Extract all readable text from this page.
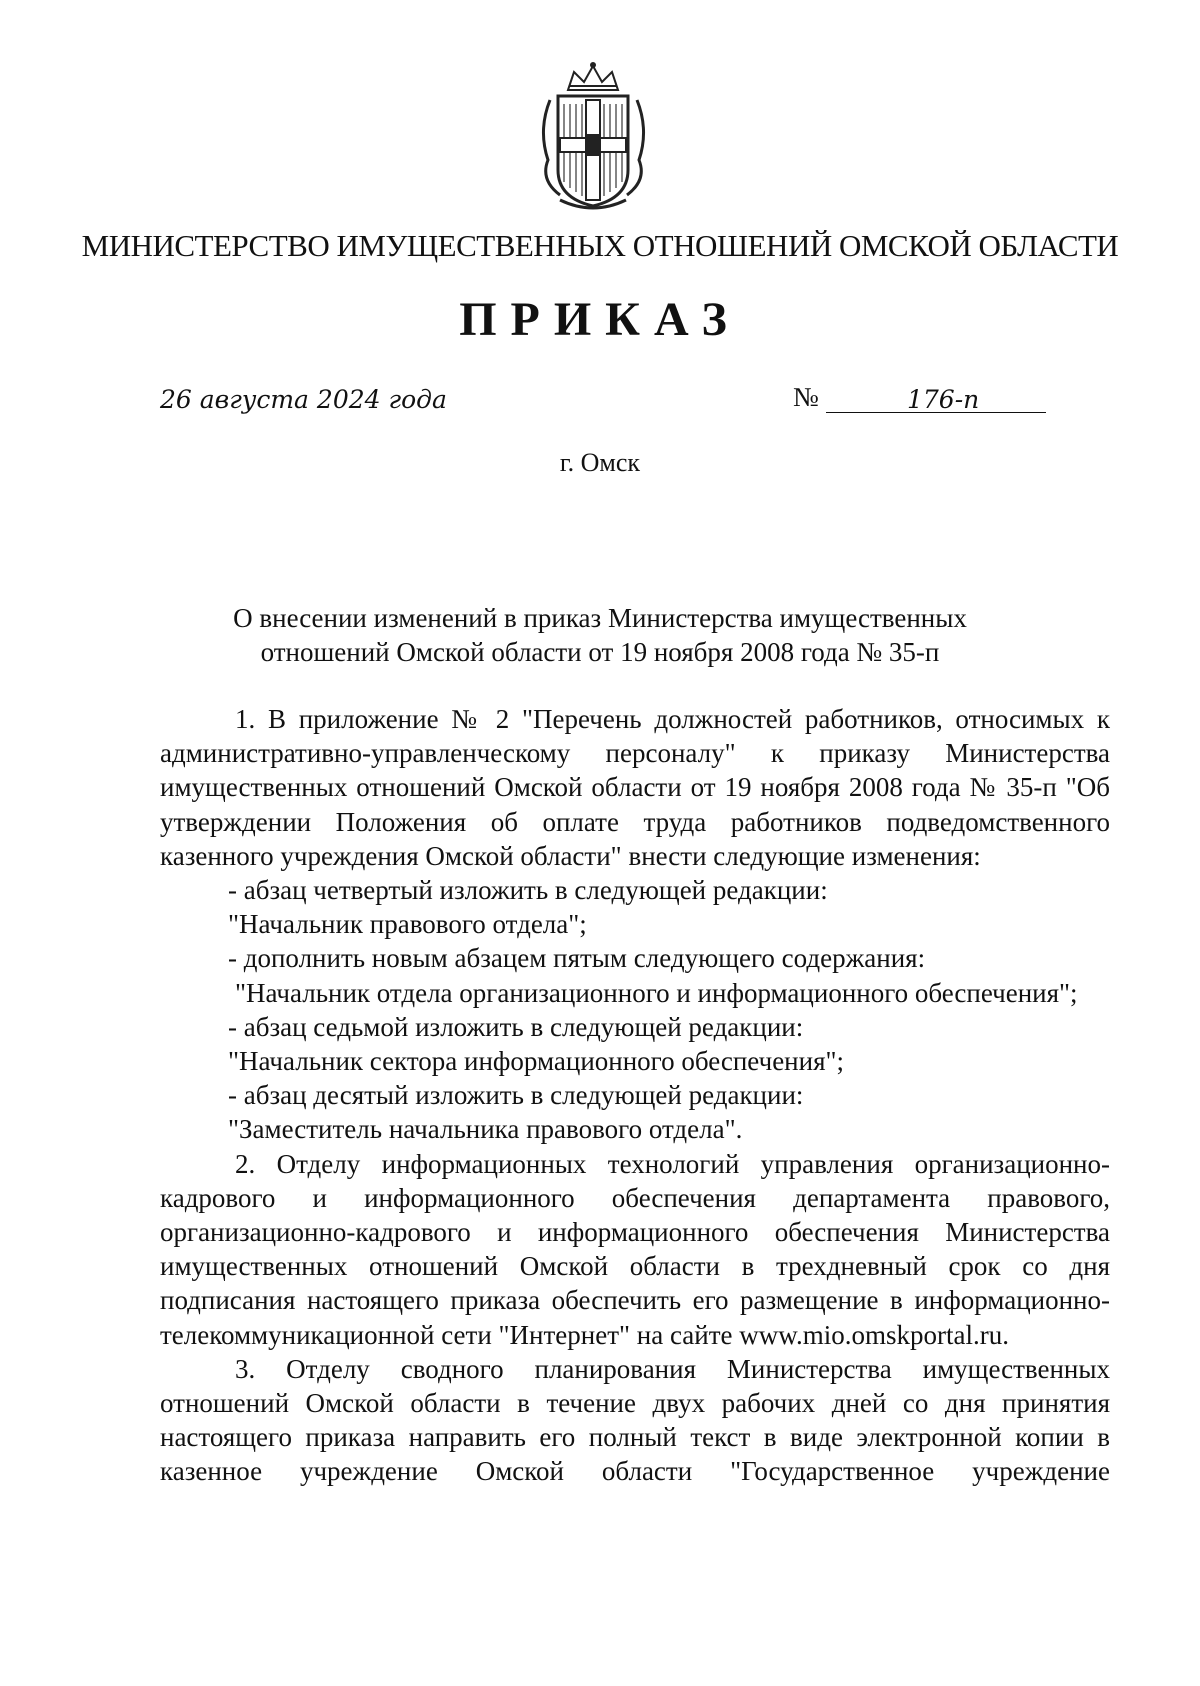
МИНИСТЕРСТВО ИМУЩЕСТВЕННЫХ ОТНОШЕНИЙ ОМСКОЙ ОБЛАСТИ
ПРИКАЗ
26 августа 2024 года	№	176-п
г. Омск
О внесении изменений в приказ Министерства имущественных
отношений Омской области от 19 ноября 2008 года № 35-п

1. В приложение № 2 "Перечень должностей работников, относимых к административно-управленческому персоналу" к приказу Министерства имущественных отношений Омской области от 19 ноября 2008 года № 35-п "Об утверждении Положения об оплате труда работников подведомственного казенного учреждения Омской области" внести следующие изменения:

- абзац четвертый изложить в следующей редакции:

"Начальник правового отдела";

- дополнить новым абзацем пятым следующего содержания:

"Начальник отдела организационного и информационного обеспечения";

- абзац седьмой изложить в следующей редакции:

"Начальник сектора информационного обеспечения";

- абзац десятый изложить в следующей редакции:

"Заместитель начальника правового отдела".

2. Отделу информационных технологий управления организационно-кадрового и информационного обеспечения департамента правового, организационно-кадрового и информационного обеспечения Министерства имущественных отношений Омской области в трехдневный срок со дня подписания настоящего приказа обеспечить его размещение в информационно-телекоммуникационной сети "Интернет" на сайте www.mio.omskportal.ru.

3. Отделу сводного планирования Министерства имущественных отношений Омской области в течение двух рабочих дней со дня принятия настоящего приказа направить его полный текст в виде электронной копии в казенное учреждение Омской области "Государственное учреждение
